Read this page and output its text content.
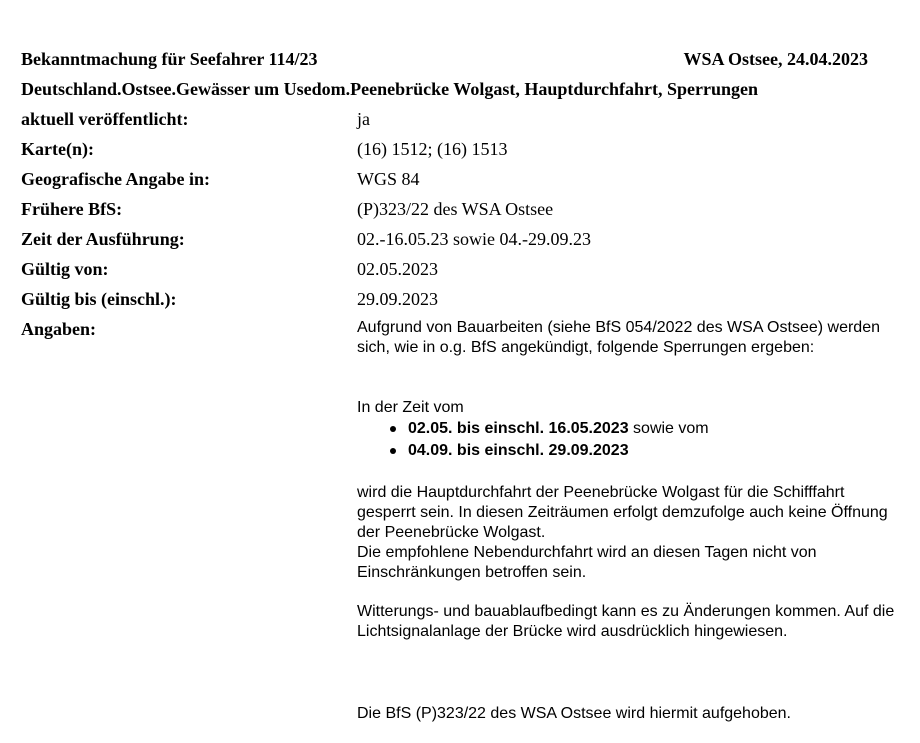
Bekanntmachung für Seefahrer 114/23	WSA Ostsee, 24.04.2023
Deutschland.Ostsee.Gewässer um Usedom.Peenebrücke Wolgast, Hauptdurchfahrt, Sperrungen
aktuell veröffentlicht:	ja
Karte(n):	(16) 1512; (16) 1513
Geografische Angabe in:	WGS 84
Frühere BfS:	(P)323/22 des WSA Ostsee
Zeit der Ausführung:	02.-16.05.23 sowie 04.-29.09.23
Gültig von:	02.05.2023
Gültig bis (einschl.):	29.09.2023
Angaben:	Aufgrund von Bauarbeiten (siehe BfS 054/2022 des WSA Ostsee) werden sich, wie in o.g. BfS angekündigt, folgende Sperrungen ergeben:

In der Zeit vom

02.05. bis einschl. 16.05.2023 sowie vom
04.09. bis einschl. 29.09.2023

wird die Hauptdurchfahrt der Peenebrücke Wolgast für die Schifffahrt gesperrt sein. In diesen Zeiträumen erfolgt demzufolge auch keine Öffnung der Peenebrücke Wolgast.

Die empfohlene Nebendurchfahrt wird an diesen Tagen nicht von Einschränkungen betroffen sein.

Witterungs- und bauablaufbedingt kann es zu Änderungen kommen. Auf die Lichtsignalanlage der Brücke wird ausdrücklich hingewiesen.

Die BfS (P)323/22 des WSA Ostsee wird hiermit aufgehoben.
